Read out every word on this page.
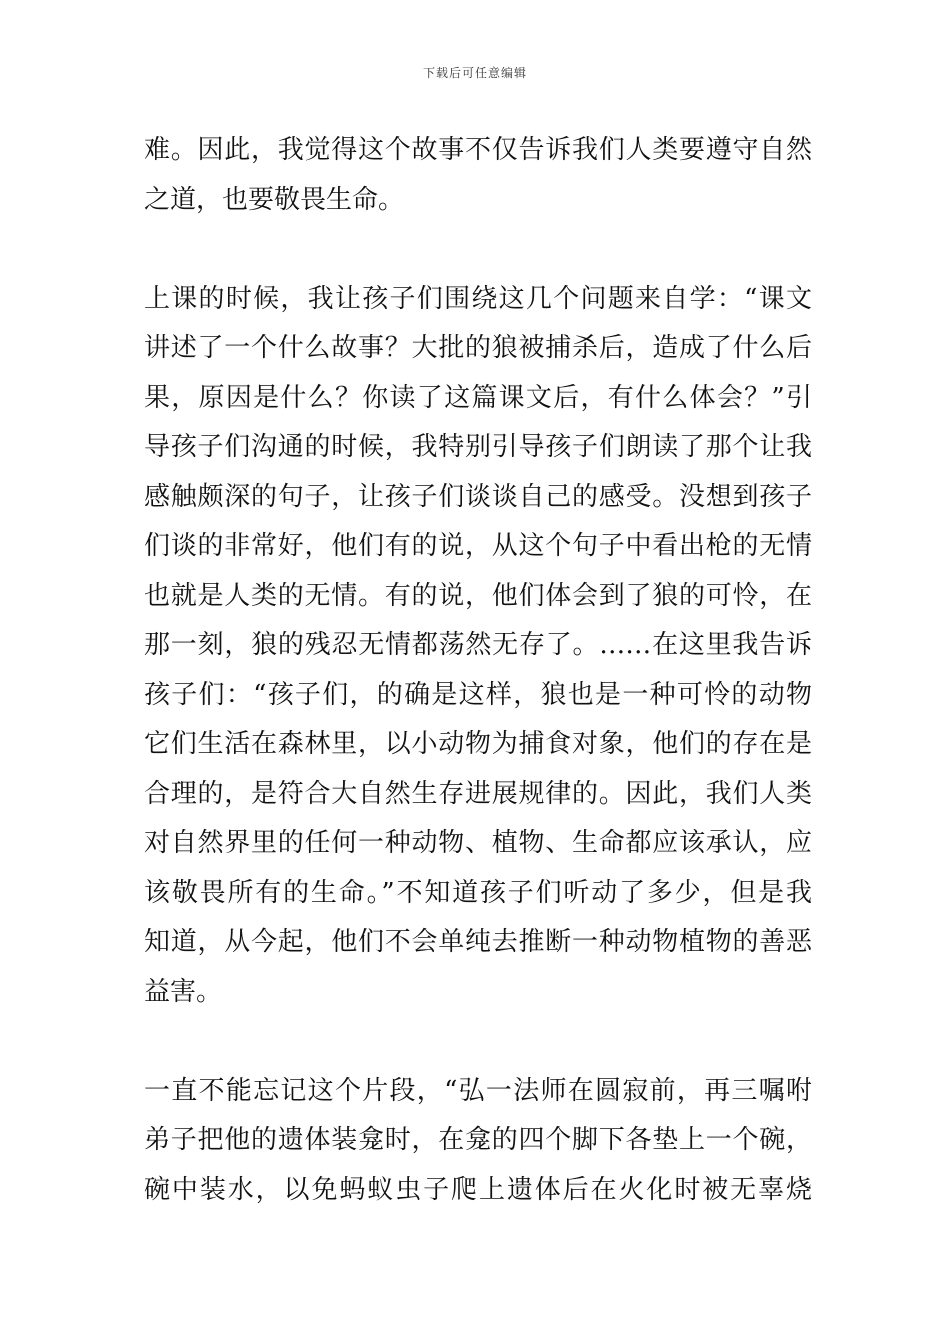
下载后可任意编辑
难。因此，我觉得这个故事不仅告诉我们人类要遵守自然
之道，也要敬畏生命。
上课的时候，我让孩子们围绕这几个问题来自学：“课文
讲述了一个什么故事？大批的狼被捕杀后，造成了什么后
果，原因是什么？你读了这篇课文后，有什么体会？”引
导孩子们沟通的时候，我特别引导孩子们朗读了那个让我
感触颇深的句子，让孩子们谈谈自己的感受。没想到孩子
们谈的非常好，他们有的说，从这个句子中看出枪的无情
也就是人类的无情。有的说，他们体会到了狼的可怜，在
那一刻，狼的残忍无情都荡然无存了。……在这里我告诉
孩子们：“孩子们，的确是这样，狼也是一种可怜的动物
它们生活在森林里，以小动物为捕食对象，他们的存在是
合理的，是符合大自然生存进展规律的。因此，我们人类
对自然界里的任何一种动物、植物、生命都应该承认，应
该敬畏所有的生命。”不知道孩子们听动了多少，但是我
知道，从今起，他们不会单纯去推断一种动物植物的善恶
益害。
一直不能忘记这个片段，“弘一法师在圆寂前，再三嘱咐
弟子把他的遗体装龛时，在龛的四个脚下各垫上一个碗，
碗中装水，以免蚂蚁虫子爬上遗体后在火化时被无辜烧
